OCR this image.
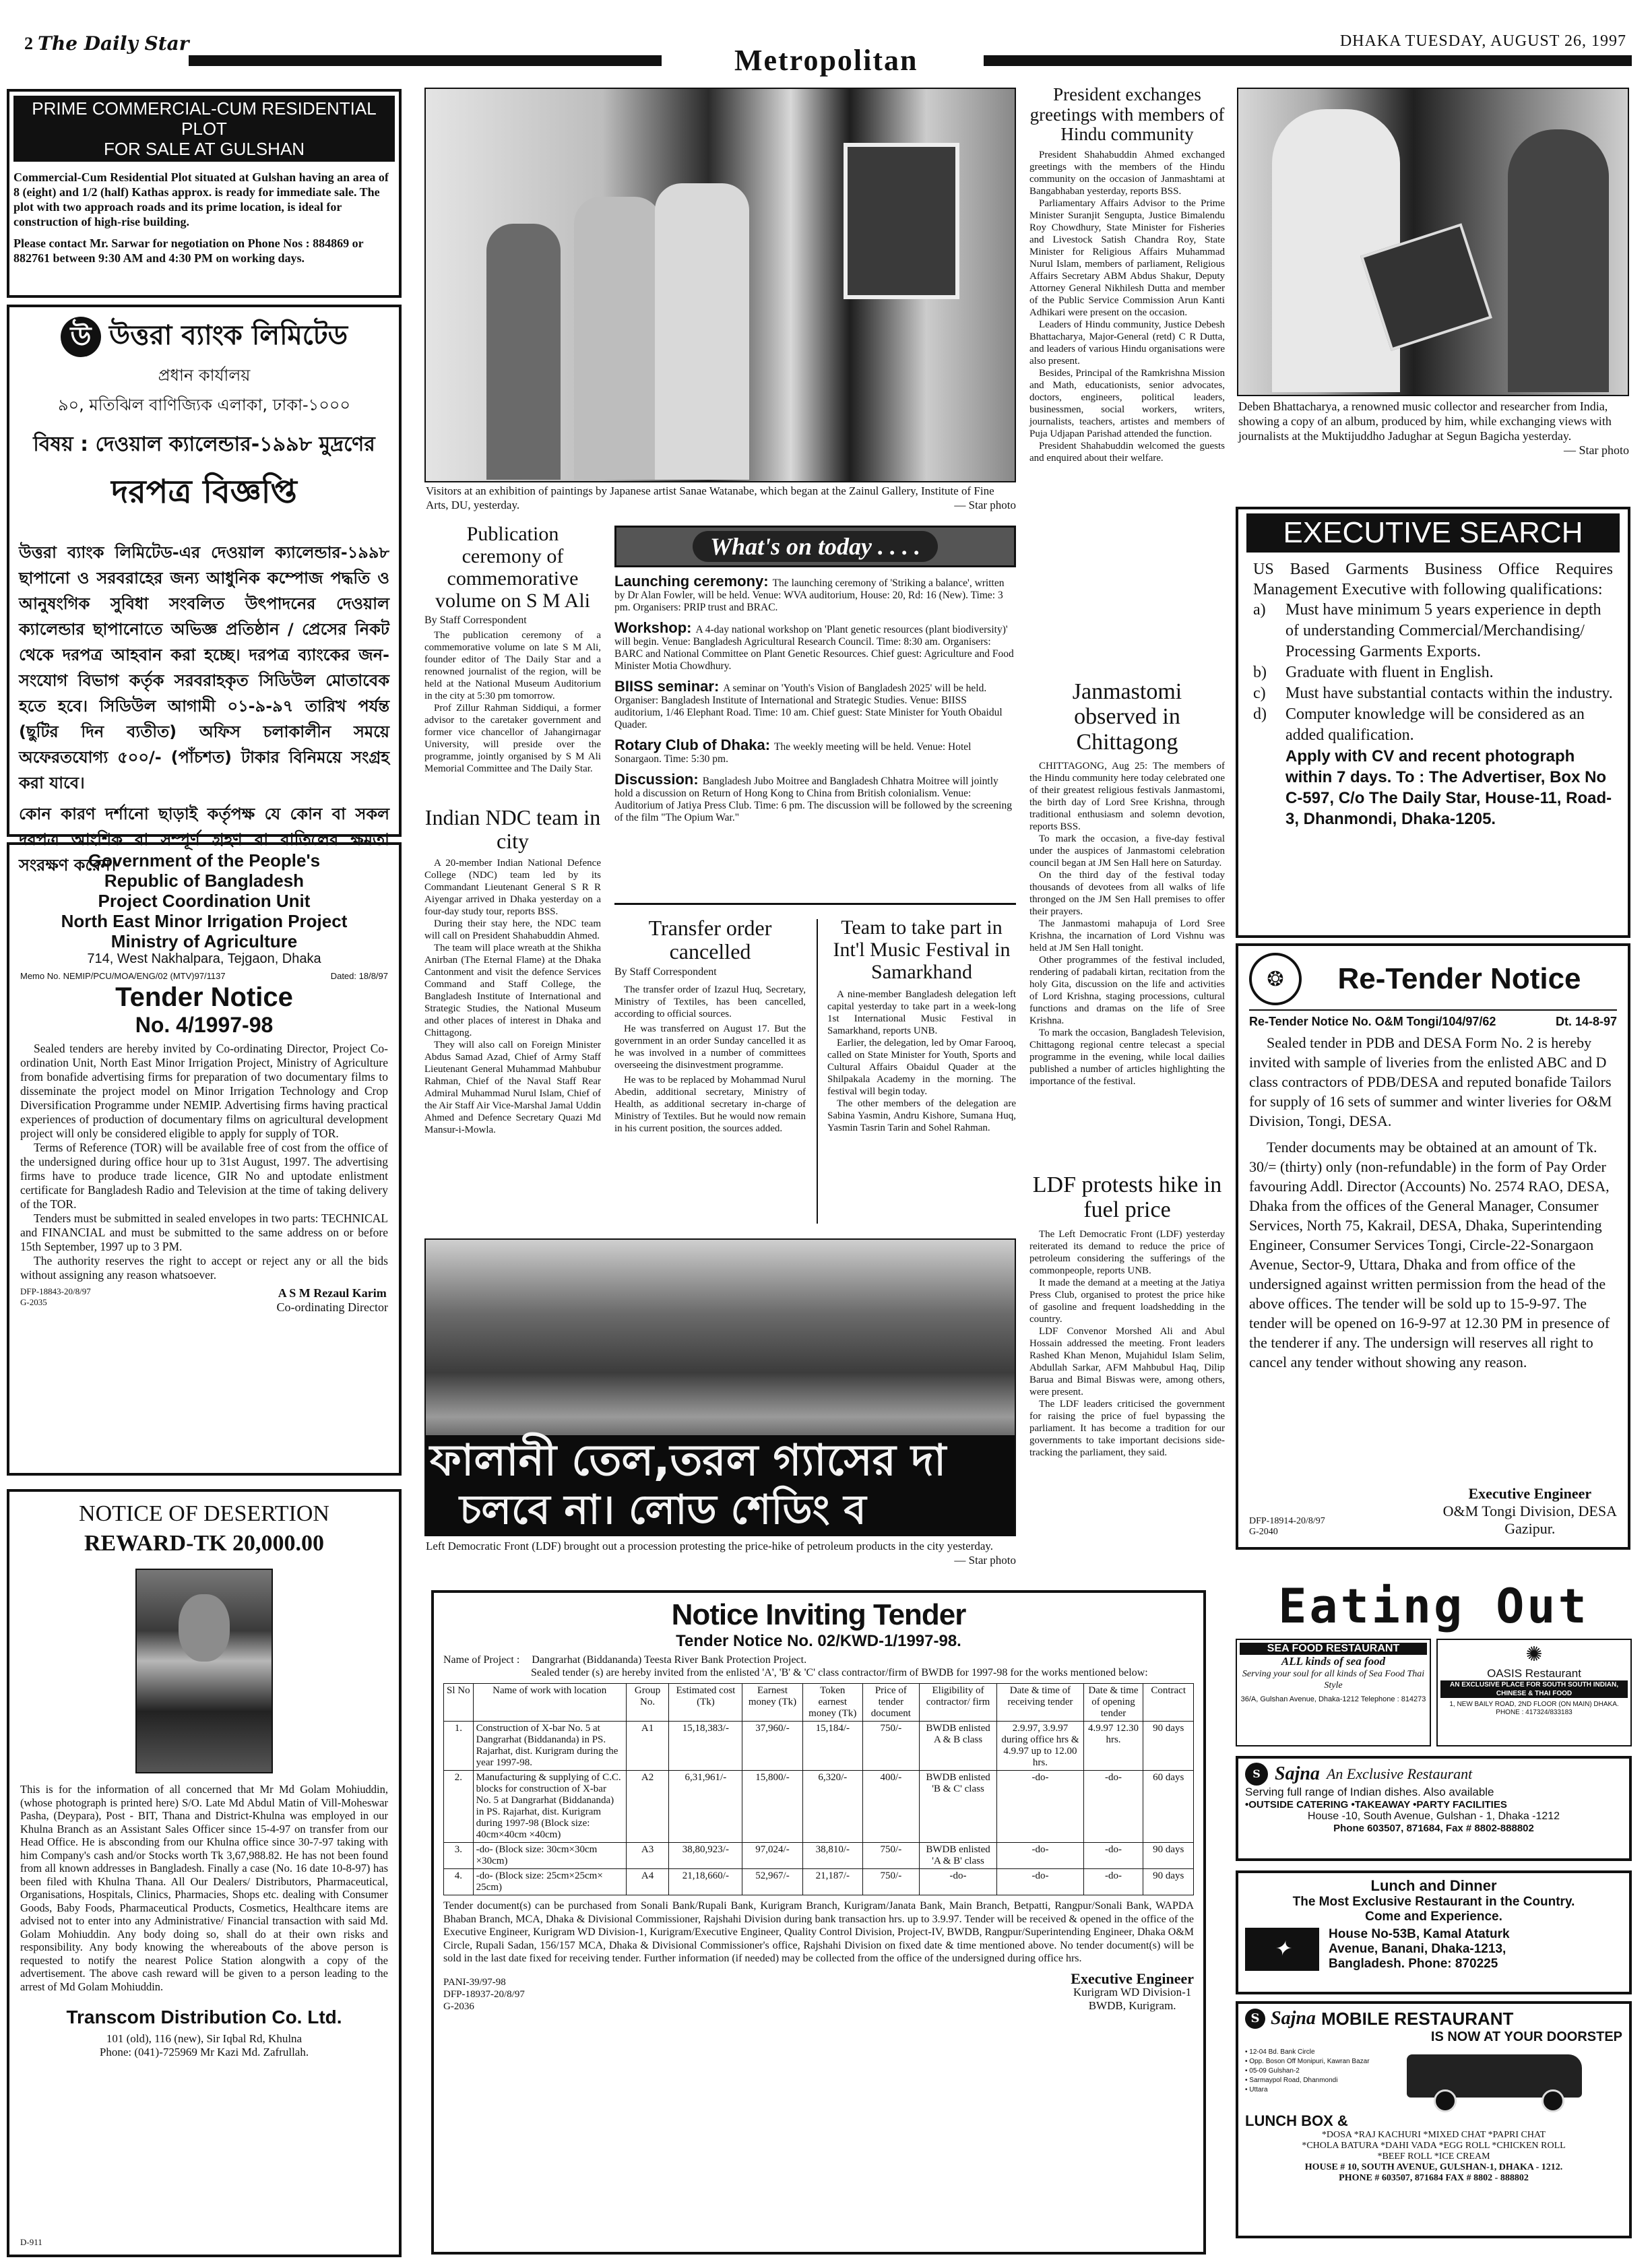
2 The Daily Star
Metropolitan
DHAKA TUESDAY, AUGUST 26, 1997
PRIME COMMERCIAL-CUM RESIDENTIAL PLOT
FOR SALE AT GULSHAN
Commercial-Cum Residential Plot situated at Gulshan having an area of 8 (eight) and 1/2 (half) Kathas approx. is ready for immediate sale. The plot with two approach roads and its prime location, is ideal for construction of high-rise building.
Please contact Mr. Sarwar for negotiation on Phone Nos : 884869 or 882761 between 9:30 AM and 4:30 PM on working days.
উ উত্তরা ব্যাংক লিমিটেড
প্রধান কার্যালয়
৯০, মতিঝিল বাণিজ্যিক এলাকা, ঢাকা-১০০০
বিষয় : দেওয়াল ক্যালেন্ডার-১৯৯৮ মুদ্রণের
দরপত্র বিজ্ঞপ্তি
উত্তরা ব্যাংক লিমিটেড-এর দেওয়াল ক্যালেন্ডার-১৯৯৮ ছাপানো ও সরবরাহের জন্য আধুনিক কম্পোজ পদ্ধতি ও আনুষংগিক সুবিধা সংবলিত উৎপাদনের দেওয়াল ক্যালেন্ডার ছাপানোতে অভিজ্ঞ প্রতিষ্ঠান / প্রেসের নিকট থেকে দরপত্র আহবান করা হচ্ছে। দরপত্র ব্যাংকের জন-সংযোগ বিভাগ কর্তৃক সরবরাহকৃত সিডিউল মোতাবেক হতে হবে। সিডিউল আগামী ০১-৯-৯৭ তারিখ পর্যন্ত (ছুটির দিন ব্যতীত) অফিস চলাকালীন সময়ে অফেরতযোগ্য ৫০০/- (পাঁচশত) টাকার বিনিময়ে সংগ্রহ করা যাবে।
কোন কারণ দর্শানো ছাড়াই কর্তৃপক্ষ যে কোন বা সকল দরপত্র আংশিক বা সম্পূর্ণ গ্রহণ বা বাতিলের ক্ষমতা সংরক্ষণ করেন।
Government of the People's
Republic of Bangladesh
Project Coordination Unit
North East Minor Irrigation Project
Ministry of Agriculture
714, West Nakhalpara, Tejgaon, Dhaka
Memo No. NEMIP/PCU/MOA/ENG/02 (MTV)97/1137	Dated: 18/8/97
Tender Notice
No. 4/1997-98
Sealed tenders are hereby invited by Co-ordinating Director, Project Co-ordination Unit, North East Minor Irrigation Project, Ministry of Agriculture from bonafide advertising firms for preparation of two documentary films to disseminate the project model on Minor Irrigation Technology and Crop Diversification Programme under NEMIP. Advertising firms having practical experiences of production of documentary films on agricultural development project will only be considered eligible to apply for supply of TOR.
Terms of Reference (TOR) will be available free of cost from the office of the undersigned during office hour up to 31st August, 1997. The advertising firms have to produce trade licence, GIR No and uptodate enlistment certificate for Bangladesh Radio and Television at the time of taking delivery of the TOR.
Tenders must be submitted in sealed envelopes in two parts: TECHNICAL and FINANCIAL and must be submitted to the same address on or before 15th September, 1997 up to 3 PM.
The authority reserves the right to accept or reject any or all the bids without assigning any reason whatsoever.
DFP-18843-20/8/97
G-2035
A S M Rezaul Karim
Co-ordinating Director
NOTICE OF DESERTION
REWARD-TK 20,000.00
This is for the information of all concerned that Mr Md Golam Mohiuddin, (whose photograph is printed here) S/O. Late Md Abdul Matin of Vill-Moheswar Pasha, (Deypara), Post - BIT, Thana and District-Khulna was employed in our Khulna Branch as an Assistant Sales Officer since 15-4-97 on transfer from our Head Office. He is absconding from our Khulna office since 30-7-97 taking with him Company's cash and/or Stocks worth Tk 3,67,988.82. He has not been found from all known addresses in Bangladesh. Finally a case (No. 16 date 10-8-97) has been filed with Khulna Thana. All Our Dealers/ Distributors, Pharmaceutical, Organisations, Hospitals, Clinics, Pharmacies, Shops etc. dealing with Consumer Goods, Baby Foods, Pharmaceutical Products, Cosmetics, Healthcare items are advised not to enter into any Administrative/ Financial transaction with said Md. Golam Mohiuddin. Any body doing so, shall do at their own risks and responsibility. Any body knowing the whereabouts of the above person is requested to notify the nearest Police Station alongwith a copy of the advertisement. The above cash reward will be given to a person leading to the arrest of Md Golam Mohiuddin.
Transcom Distribution Co. Ltd.
101 (old), 116 (new), Sir Iqbal Rd, Khulna
Phone: (041)-725969 Mr Kazi Md. Zafrullah.
D-911
Visitors at an exhibition of paintings by Japanese artist Sanae Watanabe, which began at the Zainul Gallery, Institute of Fine Arts, DU, yesterday.	— Star photo
Publication ceremony of commemorative volume on S M Ali
By Staff Correspondent
The publication ceremony of a commemorative volume on late S M Ali, founder editor of The Daily Star and a renowned journalist of the region, will be held at the National Museum Auditorium in the city at 5:30 pm tomorrow.
Prof Zillur Rahman Siddiqui, a former advisor to the caretaker government and former vice chancellor of Jahangirnagar University, will preside over the programme, jointly organised by S M Ali Memorial Committee and The Daily Star.
Indian NDC team in city
A 20-member Indian National Defence College (NDC) team led by its Commandant Lieutenant General S R R Aiyengar arrived in Dhaka yesterday on a four-day study tour, reports BSS.
During their stay here, the NDC team will call on President Shahabuddin Ahmed.
The team will place wreath at the Shikha Anirban (The Eternal Flame) at the Dhaka Cantonment and visit the defence Services Command and Staff College, the Bangladesh Institute of International and Strategic Studies, the National Museum and other places of interest in Dhaka and Chittagong.
They will also call on Foreign Minister Abdus Samad Azad, Chief of Army Staff Lieutenant General Muhammad Mahbubur Rahman, Chief of the Naval Staff Rear Admiral Muhammad Nurul Islam, Chief of the Air Staff Air Vice-Marshal Jamal Uddin Ahmed and Defence Secretary Quazi Md Mansur-i-Mowla.
What's on today . . . .
Launching ceremony: The launching ceremony of 'Striking a balance', written by Dr Alan Fowler, will be held. Venue: WVA auditorium, House: 20, Rd: 16 (New). Time: 3 pm. Organisers: PRIP trust and BRAC.
Workshop: A 4-day national workshop on 'Plant genetic resources (plant biodiversity)' will begin. Venue: Bangladesh Agricultural Research Council. Time: 8:30 am. Organisers: BARC and National Committee on Plant Genetic Resources. Chief guest: Agriculture and Food Minister Motia Chowdhury.
BIISS seminar: A seminar on 'Youth's Vision of Bangladesh 2025' will be held. Organiser: Bangladesh Institute of International and Strategic Studies. Venue: BIISS auditorium, 1/46 Elephant Road. Time: 10 am. Chief guest: State Minister for Youth Obaidul Quader.
Rotary Club of Dhaka: The weekly meeting will be held. Venue: Hotel Sonargaon. Time: 5:30 pm.
Discussion: Bangladesh Jubo Moitree and Bangladesh Chhatra Moitree will jointly hold a discussion on Return of Hong Kong to China from British colonialism. Venue: Auditorium of Jatiya Press Club. Time: 6 pm. The discussion will be followed by the screening of the film "The Opium War."
Transfer order cancelled
By Staff Correspondent
The transfer order of Izazul Huq, Secretary, Ministry of Textiles, has been cancelled, according to official sources.
He was transferred on August 17. But the government in an order Sunday cancelled it as he was involved in a number of committees overseeing the disinvestment programme.
He was to be replaced by Mohammad Nurul Abedin, additional secretary, Ministry of Health, as additional secretary in-charge of Ministry of Textiles. But he would now remain in his current position, the sources added.
Team to take part in Int'l Music Festival in Samarkhand
A nine-member Bangladesh delegation left capital yesterday to take part in a week-long 1st International Music Festival in Samarkhand, reports UNB.
Earlier, the delegation, led by Omar Farooq, called on State Minister for Youth, Sports and Cultural Affairs Obaidul Quader at the Shilpakala Academy in the morning. The festival will begin today.
The other members of the delegation are Sabina Yasmin, Andru Kishore, Sumana Huq, Yasmin Tasrin Tarin and Sohel Rahman.
ফালানী তেল,তরল গ্যাসের দা
চলবে না। লোড শেডিং ব
Left Democratic Front (LDF) brought out a procession protesting the price-hike of petroleum products in the city yesterday.
— Star photo
President exchanges greetings with members of Hindu community
President Shahabuddin Ahmed exchanged greetings with the members of the Hindu community on the occasion of Janmashtami at Bangabhaban yesterday, reports BSS.
Parliamentary Affairs Advisor to the Prime Minister Suranjit Sengupta, Justice Bimalendu Roy Chowdhury, State Minister for Fisheries and Livestock Satish Chandra Roy, State Minister for Religious Affairs Muhammad Nurul Islam, members of parliament, Religious Affairs Secretary ABM Abdus Shakur, Deputy Attorney General Nikhilesh Dutta and member of the Public Service Commission Arun Kanti Adhikari were present on the occasion.
Leaders of Hindu community, Justice Debesh Bhattacharya, Major-General (retd) C R Dutta, and leaders of various Hindu organisations were also present.
Besides, Principal of the Ramkrishna Mission and Math, educationists, senior advocates, doctors, engineers, political leaders, businessmen, social workers, writers, journalists, teachers, artistes and members of Puja Udjapan Parishad attended the function.
President Shahabuddin welcomed the guests and enquired about their welfare.
Janmastomi observed in Chittagong
CHITTAGONG, Aug 25: The members of the Hindu community here today celebrated one of their greatest religious festivals Janmastomi, the birth day of Lord Sree Krishna, through traditional enthusiasm and solemn devotion, reports BSS.
To mark the occasion, a five-day festival under the auspices of Janmastomi celebration council began at JM Sen Hall here on Saturday.
On the third day of the festival today thousands of devotees from all walks of life thronged on the JM Sen Hall premises to offer their prayers.
The Janmastomi mahapuja of Lord Sree Krishna, the incarnation of Lord Vishnu was held at JM Sen Hall tonight.
Other programmes of the festival included, rendering of padabali kirtan, recitation from the holy Gita, discussion on the life and activities of Lord Krishna, staging processions, cultural functions and dramas on the life of Sree Krishna.
To mark the occasion, Bangladesh Television, Chittagong regional centre telecast a special programme in the evening, while local dailies published a number of articles highlighting the importance of the festival.
LDF protests hike in fuel price
The Left Democratic Front (LDF) yesterday reiterated its demand to reduce the price of petroleum considering the sufferings of the commonpeople, reports UNB.
It made the demand at a meeting at the Jatiya Press Club, organised to protest the price hike of gasoline and frequent loadshedding in the country.
LDF Convenor Morshed Ali and Abul Hossain addressed the meeting. Front leaders Rashed Khan Menon, Mujahidul Islam Selim, Abdullah Sarkar, AFM Mahbubul Haq, Dilip Barua and Bimal Biswas were, among others, were present.
The LDF leaders criticised the government for raising the price of fuel bypassing the parliament. It has become a tradition for our governments to take important decisions side-tracking the parliament, they said.
Deben Bhattacharya, a renowned music collector and researcher from India, showing a copy of an album, produced by him, while exchanging views with journalists at the Muktijuddho Jadughar at Segun Bagicha yesterday.
— Star photo
EXECUTIVE SEARCH
US Based Garments Business Office Requires Management Executive with following qualifications:
a)	Must have minimum 5 years experience in depth of understanding Commercial/Merchandising/ Processing Garments Exports.
b)	Graduate with fluent in English.
c)	Must have substantial contacts within the industry.
d)	Computer knowledge will be considered as an added qualification.
Apply with CV and recent photograph within 7 days. To : The Advertiser, Box No C-597, C/o The Daily Star, House-11, Road-3, Dhanmondi, Dhaka-1205.
❂	Re-Tender Notice
Re-Tender Notice No. O&M Tongi/104/97/62	Dt. 14-8-97
Sealed tender in PDB and DESA Form No. 2 is hereby invited with sample of liveries from the enlisted ABC and D class contractors of PDB/DESA and reputed bonafide Tailors for supply of 16 sets of summer and winter liveries for O&M Division, Tongi, DESA.
Tender documents may be obtained at an amount of Tk. 30/= (thirty) only (non-refundable) in the form of Pay Order favouring Addl. Director (Accounts) No. 2574 RAO, DESA, Dhaka from the offices of the General Manager, Consumer Services, North 75, Kakrail, DESA, Dhaka, Superintending Engineer, Consumer Services Tongi, Circle-22-Sonargaon Avenue, Sector-9, Uttara, Dhaka and from office of the undersigned against written permission from the head of the above offices. The tender will be sold up to 15-9-97. The tender will be opened on 16-9-97 at 12.30 PM in presence of the tenderer if any. The undersign will reserves all right to cancel any tender without showing any reason.
DFP-18914-20/8/97
G-2040
Executive Engineer
O&M Tongi Division, DESA
Gazipur.
Notice Inviting Tender
Tender Notice No. 02/KWD-1/1997-98.
Name of Project : Dangrarhat (Biddananda) Teesta River Bank Protection Project.
Sealed tender (s) are hereby invited from the enlisted 'A', 'B' & 'C' class contractor/firm of BWDB for 1997-98 for the works mentioned below:
Sl No	Name of work with location	Group No.	Estimated cost (Tk)	Earnest money (Tk)	Token earnest money (Tk)	Price of tender document	Eligibility of contractor/ firm	Date & time of receiving tender	Date & time of opening tender	Contract
1.	Construction of X-bar No. 5 at Dangrarhat (Biddananda) in PS. Rajarhat, dist. Kurigram during the year 1997-98.	A1	15,18,383/-	37,960/-	15,184/-	750/-	BWDB enlisted A & B class	2.9.97, 3.9.97 during office hrs & 4.9.97 up to 12.00 hrs.	4.9.97 12.30 hrs.	90 days
2.	Manufacturing & supplying of C.C. blocks for construction of X-bar No. 5 at Dangrarhat (Biddananda) in PS. Rajarhat, dist. Kurigram during 1997-98 (Block size: 40cm×40cm ×40cm)	A2	6,31,961/-	15,800/-	6,320/-	400/-	BWDB enlisted 'B & C' class	-do-	-do-	60 days
3.	-do- (Block size: 30cm×30cm ×30cm)	A3	38,80,923/-	97,024/-	38,810/-	750/-	BWDB enlisted 'A & B' class	-do-	-do-	90 days
4.	-do- (Block size: 25cm×25cm× 25cm)	A4	21,18,660/-	52,967/-	21,187/-	750/-	-do-	-do-	-do-	90 days
Tender document(s) can be purchased from Sonali Bank/Rupali Bank, Kurigram Branch, Kurigram/Janata Bank, Main Branch, Betpatti, Rangpur/Sonali Bank, WAPDA Bhaban Branch, MCA, Dhaka & Divisional Commissioner, Rajshahi Division during bank transaction hrs. up to 3.9.97. Tender will be received & opened in the office of the Executive Engineer, Kurigram WD Division-1, Kurigram/Executive Engineer, Quality Control Division, Project-IV, BWDB, Rangpur/Superintending Engineer, Dhaka O&M Circle, Rupali Sadan, 156/157 MCA, Dhaka & Divisional Commissioner's office, Rajshahi Division on fixed date & time mentioned above. No tender document(s) will be sold in the last date fixed for receiving tender. Further information (if needed) may be collected from the office of the undersigned during office hrs.
PANI-39/97-98
DFP-18937-20/8/97
G-2036
Executive Engineer
Kurigram WD Division-1
BWDB, Kurigram.
Eating Out
SEA FOOD RESTAURANT
ALL kinds of sea food
Serving your soul for all kinds of Sea Food Thai Style
36/A, Gulshan Avenue, Dhaka-1212 Telephone : 814273
✺
OASIS Restaurant
AN EXCLUSIVE PLACE FOR SOUTH SOUTH INDIAN, CHINESE & THAI FOOD
1, NEW BAILY ROAD, 2ND FLOOR (ON MAIN) DHAKA. PHONE : 417324/833183
S Sajna An Exclusive Restaurant
Serving full range of Indian dishes. Also available
•OUTSIDE CATERING •TAKEAWAY •PARTY FACILITIES
House -10, South Avenue, Gulshan - 1, Dhaka -1212
Phone 603507, 871684, Fax # 8802-888802
Lunch and Dinner
The Most Exclusive Restaurant in the Country.
Come and Experience.
✦
House No-53B, Kamal Ataturk
Avenue, Banani, Dhaka-1213,
Bangladesh. Phone: 870225
S Sajna MOBILE RESTAURANT
IS NOW AT YOUR DOORSTEP
• 12-04 Bd. Bank Circle
• Opp. Boson Off Monipuri, Kawran Bazar
• 05-09 Gulshan-2
• Sarmaypol Road, Dhanmondi
• Uttara
LUNCH BOX &
*DOSA *RAJ KACHURI *MIXED CHAT *PAPRI CHAT
*CHOLA BATURA *DAHI VADA *EGG ROLL *CHICKEN ROLL
*BEEF ROLL *ICE CREAM
HOUSE # 10, SOUTH AVENUE, GULSHAN-1, DHAKA - 1212.
PHONE # 603507, 871684 FAX # 8802 - 888802
